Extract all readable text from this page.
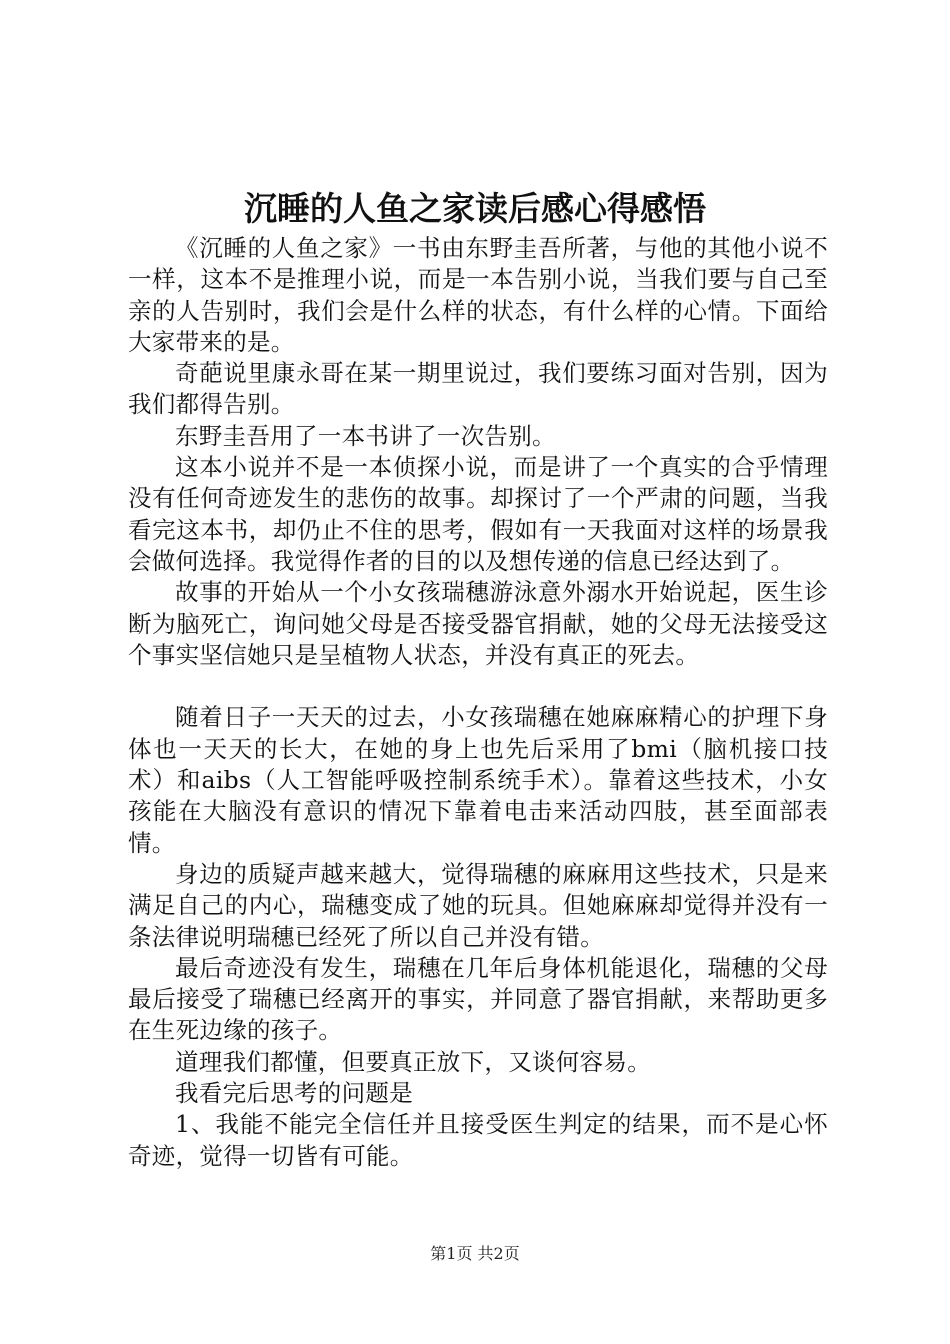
沉睡的人鱼之家读后感心得感悟

《沉睡的人鱼之家》一书由东野圭吾所著，与他的其他小说不一样，这本不是推理小说，而是一本告别小说，当我们要与自己至亲的人告别时，我们会是什么样的状态，有什么样的心情。下面给大家带来的是。

奇葩说里康永哥在某一期里说过，我们要练习面对告别，因为我们都得告别。

东野圭吾用了一本书讲了一次告别。

这本小说并不是一本侦探小说，而是讲了一个真实的合乎情理没有任何奇迹发生的悲伤的故事。却探讨了一个严肃的问题，当我看完这本书，却仍止不住的思考，假如有一天我面对这样的场景我会做何选择。我觉得作者的目的以及想传递的信息已经达到了。

故事的开始从一个小女孩瑞穗游泳意外溺水开始说起，医生诊断为脑死亡，询问她父母是否接受器官捐献，她的父母无法接受这个事实坚信她只是呈植物人状态，并没有真正的死去。

随着日子一天天的过去，小女孩瑞穗在她麻麻精心的护理下身体也一天天的长大，在她的身上也先后采用了bmi（脑机接口技术）和aibs（人工智能呼吸控制系统手术）。靠着这些技术，小女孩能在大脑没有意识的情况下靠着电击来活动四肢，甚至面部表情。

身边的质疑声越来越大，觉得瑞穗的麻麻用这些技术，只是来满足自己的内心，瑞穗变成了她的玩具。但她麻麻却觉得并没有一条法律说明瑞穗已经死了所以自己并没有错。

最后奇迹没有发生，瑞穗在几年后身体机能退化，瑞穗的父母最后接受了瑞穗已经离开的事实，并同意了器官捐献，来帮助更多在生死边缘的孩子。

道理我们都懂，但要真正放下，又谈何容易。

我看完后思考的问题是

1、我能不能完全信任并且接受医生判定的结果，而不是心怀奇迹，觉得一切皆有可能。

第1页 共2页
